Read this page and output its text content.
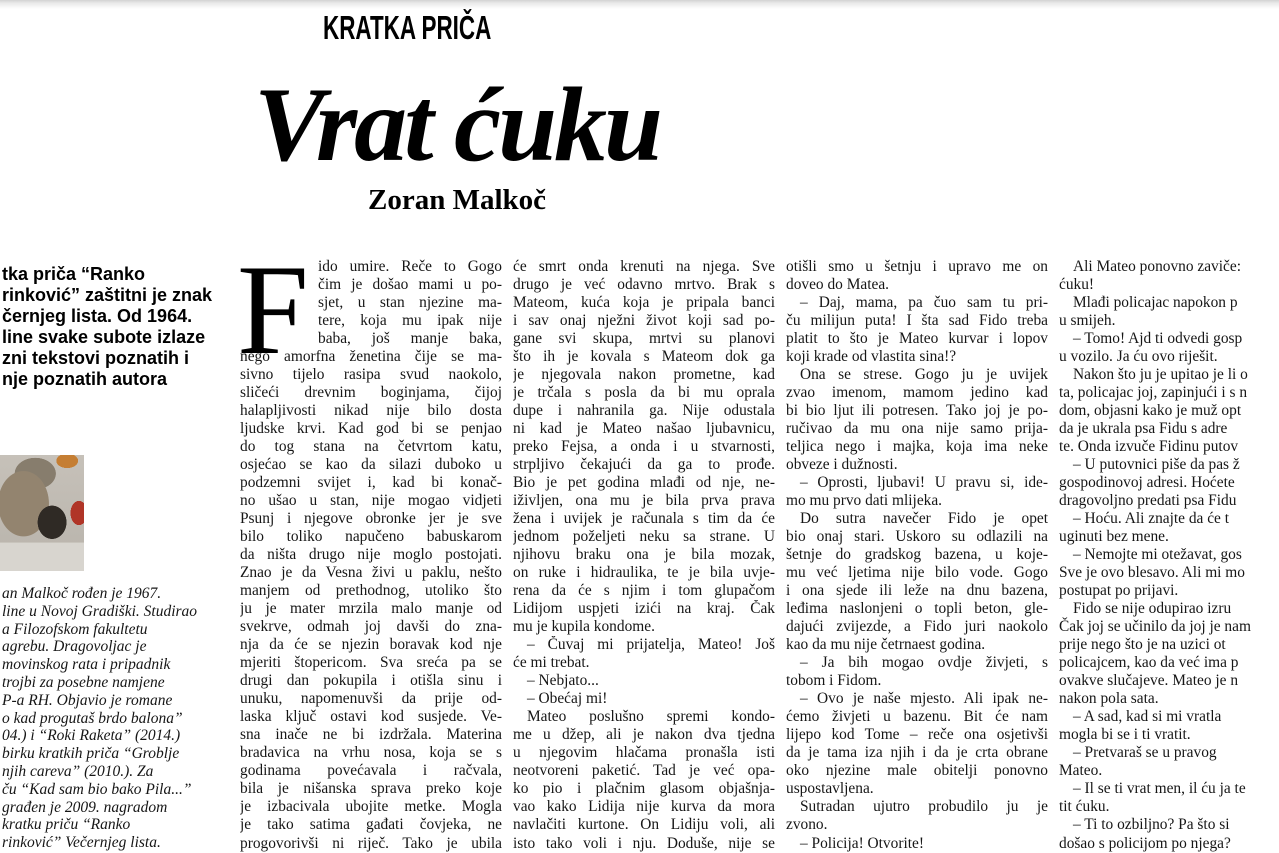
KRATKA PRIČA
Vrat ćuku
Zoran Malkoč
tka priča “Ranko
rinković” zaštitni je znak
černjeg lista. Od 1964.
line svake subote izlaze
zni tekstovi poznatih i
nje poznatih autora
an Malkoč rođen je 1967.
line u Novoj Gradiški. Studirao
a Filozofskom fakultetu
agrebu. Dragovoljac je
movinskog rata i pripadnik
trojbi za posebne namjene
P-a RH. Objavio je romane
o kad progutaš brdo balona”
04.) i “Roki Raketa” (2014.)
birku kratkih priča “Groblje
njih careva” (2010.). Za
ču “Kad sam bio bako Pila...”
građen je 2009. nagradom
kratku priču “Ranko
rinković” Večernjeg lista.
F ido umire. Reče to Gogo
čim je došao mami u po-
sjet, u stan njezine ma-
tere, koja mu ipak nije
baba, još manje baka,
nego amorfna ženetina čije se ma-
sivno tijelo rasipa svud naokolo,
sličeći drevnim boginjama, čijoj
halapljivosti nikad nije bilo dosta
ljudske krvi. Kad god bi se penjao
do tog stana na četvrtom katu,
osjećao se kao da silazi duboko u
podzemni svijet i, kad bi konač-
no ušao u stan, nije mogao vidjeti
Psunj i njegove obronke jer je sve
bilo toliko napučeno babuskarom
da ništa drugo nije moglo postojati.
Znao je da Vesna živi u paklu, nešto
manjem od prethodnog, utoliko što
ju je mater mrzila malo manje od
svekrve, odmah joj davši do zna-
nja da će se njezin boravak kod nje
mjeriti štopericom. Sva sreća pa se
drugi dan pokupila i otišla sinu i
unuku, napomenuvši da prije od-
laska ključ ostavi kod susjede. Ve-
sna inače ne bi izdržala. Materina
bradavica na vrhu nosa, koja se s
godinama povećavala i račvala,
bila je nišanska sprava preko koje
je izbacivala ubojite metke. Mogla
je tako satima gađati čovjeka, ne
progovorivši ni riječ. Tako je ubila
će smrt onda krenuti na njega. Sve
drugo je već odavno mrtvo. Brak s
Mateom, kuća koja je pripala banci
i sav onaj nježni život koji sad po-
gane svi skupa, mrtvi su planovi
što ih je kovala s Mateom dok ga
je njegovala nakon prometne, kad
je trčala s posla da bi mu oprala
dupe i nahranila ga. Nije odustala
ni kad je Mateo našao ljubavnicu,
preko Fejsa, a onda i u stvarnosti,
strpljivo čekajući da ga to prođe.
Bio je pet godina mlađi od nje, ne-
iživljen, ona mu je bila prva prava
žena i uvijek je računala s tim da će
jednom poželjeti neku sa strane. U
njihovu braku ona je bila mozak,
on ruke i hidraulika, te je bila uvje-
rena da će s njim i tom glupačom
Lidijom uspjeti izići na kraj. Čak
mu je kupila kondome.
– Čuvaj mi prijatelja, Mateo! Još
će mi trebat.
– Nebjato...
– Obećaj mi!
Mateo poslušno spremi kondo-
me u džep, ali je nakon dva tjedna
u njegovim hlačama pronašla isti
neotvoreni paketić. Tad je već opa-
ko pio i plačnim glasom objašnja-
vao kako Lidija nije kurva da mora
navlačiti kurtone. On Lidiju voli, ali
isto tako voli i nju. Doduše, nije se
otišli smo u šetnju i upravo me on
doveo do Matea.
– Daj, mama, pa čuo sam tu pri-
ču milijun puta! I šta sad Fido treba
platit to što je Mateo kurvar i lopov
koji krade od vlastita sina!?
Ona se strese. Gogo ju je uvijek
zvao imenom, mamom jedino kad
bi bio ljut ili potresen. Tako joj je po-
ručivao da mu ona nije samo prija-
teljica nego i majka, koja ima neke
obveze i dužnosti.
– Oprosti, ljubavi! U pravu si, ide-
mo mu prvo dati mlijeka.
Do sutra navečer Fido je opet
bio onaj stari. Uskoro su odlazili na
šetnje do gradskog bazena, u koje-
mu već ljetima nije bilo vode. Gogo
i ona sjede ili leže na dnu bazena,
leđima naslonjeni o topli beton, gle-
dajući zvijezde, a Fido juri naokolo
kao da mu nije četrnaest godina.
– Ja bih mogao ovdje živjeti, s
tobom i Fidom.
– Ovo je naše mjesto. Ali ipak ne-
ćemo živjeti u bazenu. Bit će nam
lijepo kod Tome – reče ona osjetivši
da je tama iza njih i da je crta obrane
oko njezine male obitelji ponovno
uspostavljena.
Sutradan ujutro probudilo ju je
zvono.
– Policija! Otvorite!
Ali Mateo ponovno zaviče:
ćuku!
Mlađi policajac napokon p
u smijeh.
– Tomo! Ajd ti odvedi gosp
u vozilo. Ja ću ovo riješit.
Nakon što ju je upitao je li o
ta, policajac joj, zapinjući i s n
dom, objasni kako je muž opt
da je ukrala psa Fidu s adre
te. Onda izvuče Fidinu putov
– U putovnici piše da pas ž
gospodinovoj adresi. Hoćete
dragovoljno predati psa Fidu
– Hoću. Ali znajte da će t
uginuti bez mene.
– Nemojte mi otežavat, gos
Sve je ovo blesavo. Ali mi mo
postupat po prijavi.
Fido se nije odupirao izru
Čak joj se učinilo da joj je nam
prije nego što je na uzici ot
policajcem, kao da već ima p
ovakve slučajeve. Mateo je n
nakon pola sata.
– A sad, kad si mi vratla
mogla bi se i ti vratit.
– Pretvaraš se u pravog
Mateo.
– Il se ti vrat men, il ću ja te
tit ćuku.
– Ti to ozbiljno? Pa što si
došao s policijom po njega?
